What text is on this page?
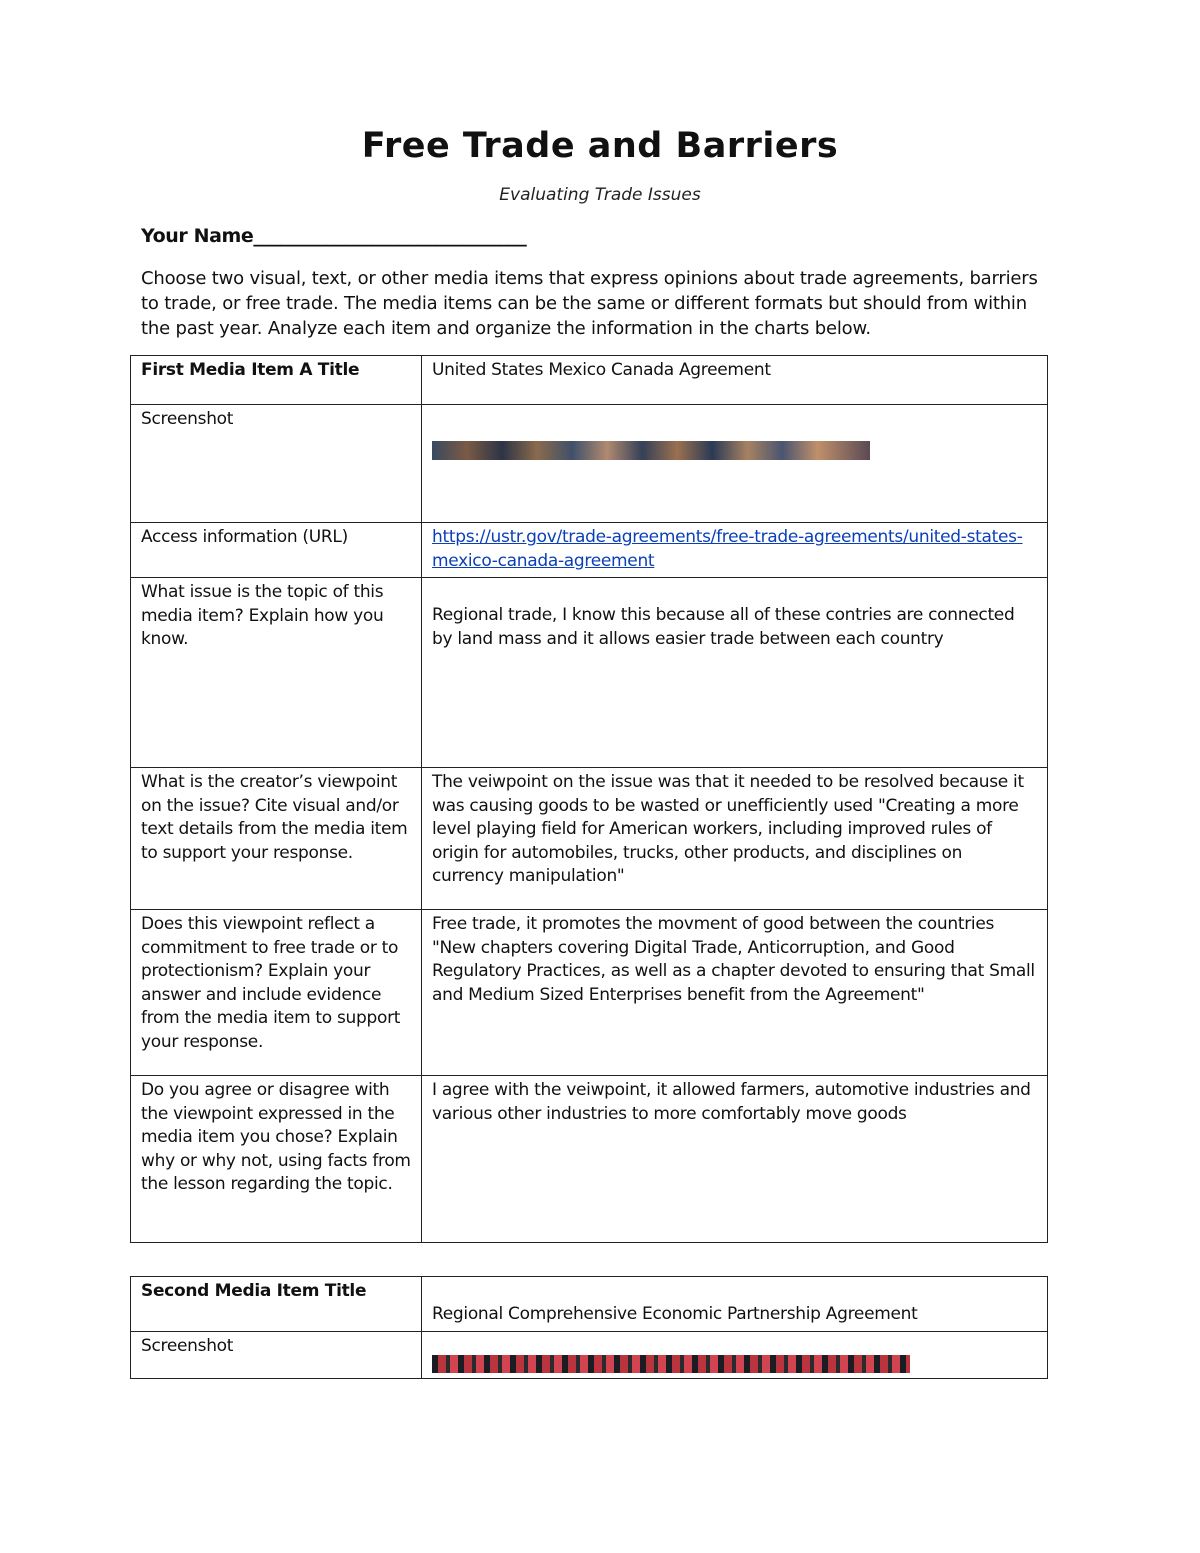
Free Trade and Barriers
Evaluating Trade Issues
Your Name______________________________
Choose two visual, text, or other media items that express opinions about trade agreements, barriers to trade, or free trade. The media items can be the same or different formats but should from within the past year. Analyze each item and organize the information in the charts below.
First Media Item A Title	United States Mexico Canada Agreement
Screenshot	

Access information (URL)	https://ustr.gov/trade-agreements/free-trade-agreements/united-states-mexico-canada-agreement
What issue is the topic of this media item? Explain how you know.	Regional trade, I know this because all of these contries are connected by land mass and it allows easier trade between each country
What is the creator’s viewpoint on the issue? Cite visual and/or text details from the media item to support your response.	The veiwpoint on the issue was that it needed to be resolved because it was causing goods to be wasted or unefficiently used "Creating a more level playing field for American workers, including improved rules of origin for automobiles, trucks, other products, and disciplines on currency manipulation"
Does this viewpoint reflect a commitment to free trade or to protectionism? Explain your answer and include evidence from the media item to support your response.	Free trade, it promotes the movment of good between the countries "New chapters covering Digital Trade, Anticorruption, and Good Regulatory Practices, as well as a chapter devoted to ensuring that Small and Medium Sized Enterprises benefit from the Agreement"
Do you agree or disagree with the viewpoint expressed in the media item you chose? Explain why or why not, using facts from the lesson regarding the topic.	I agree with the veiwpoint, it allowed farmers, automotive industries and various other industries to more comfortably move goods
Second Media Item Title	Regional Comprehensive Economic Partnership Agreement
Screenshot	
